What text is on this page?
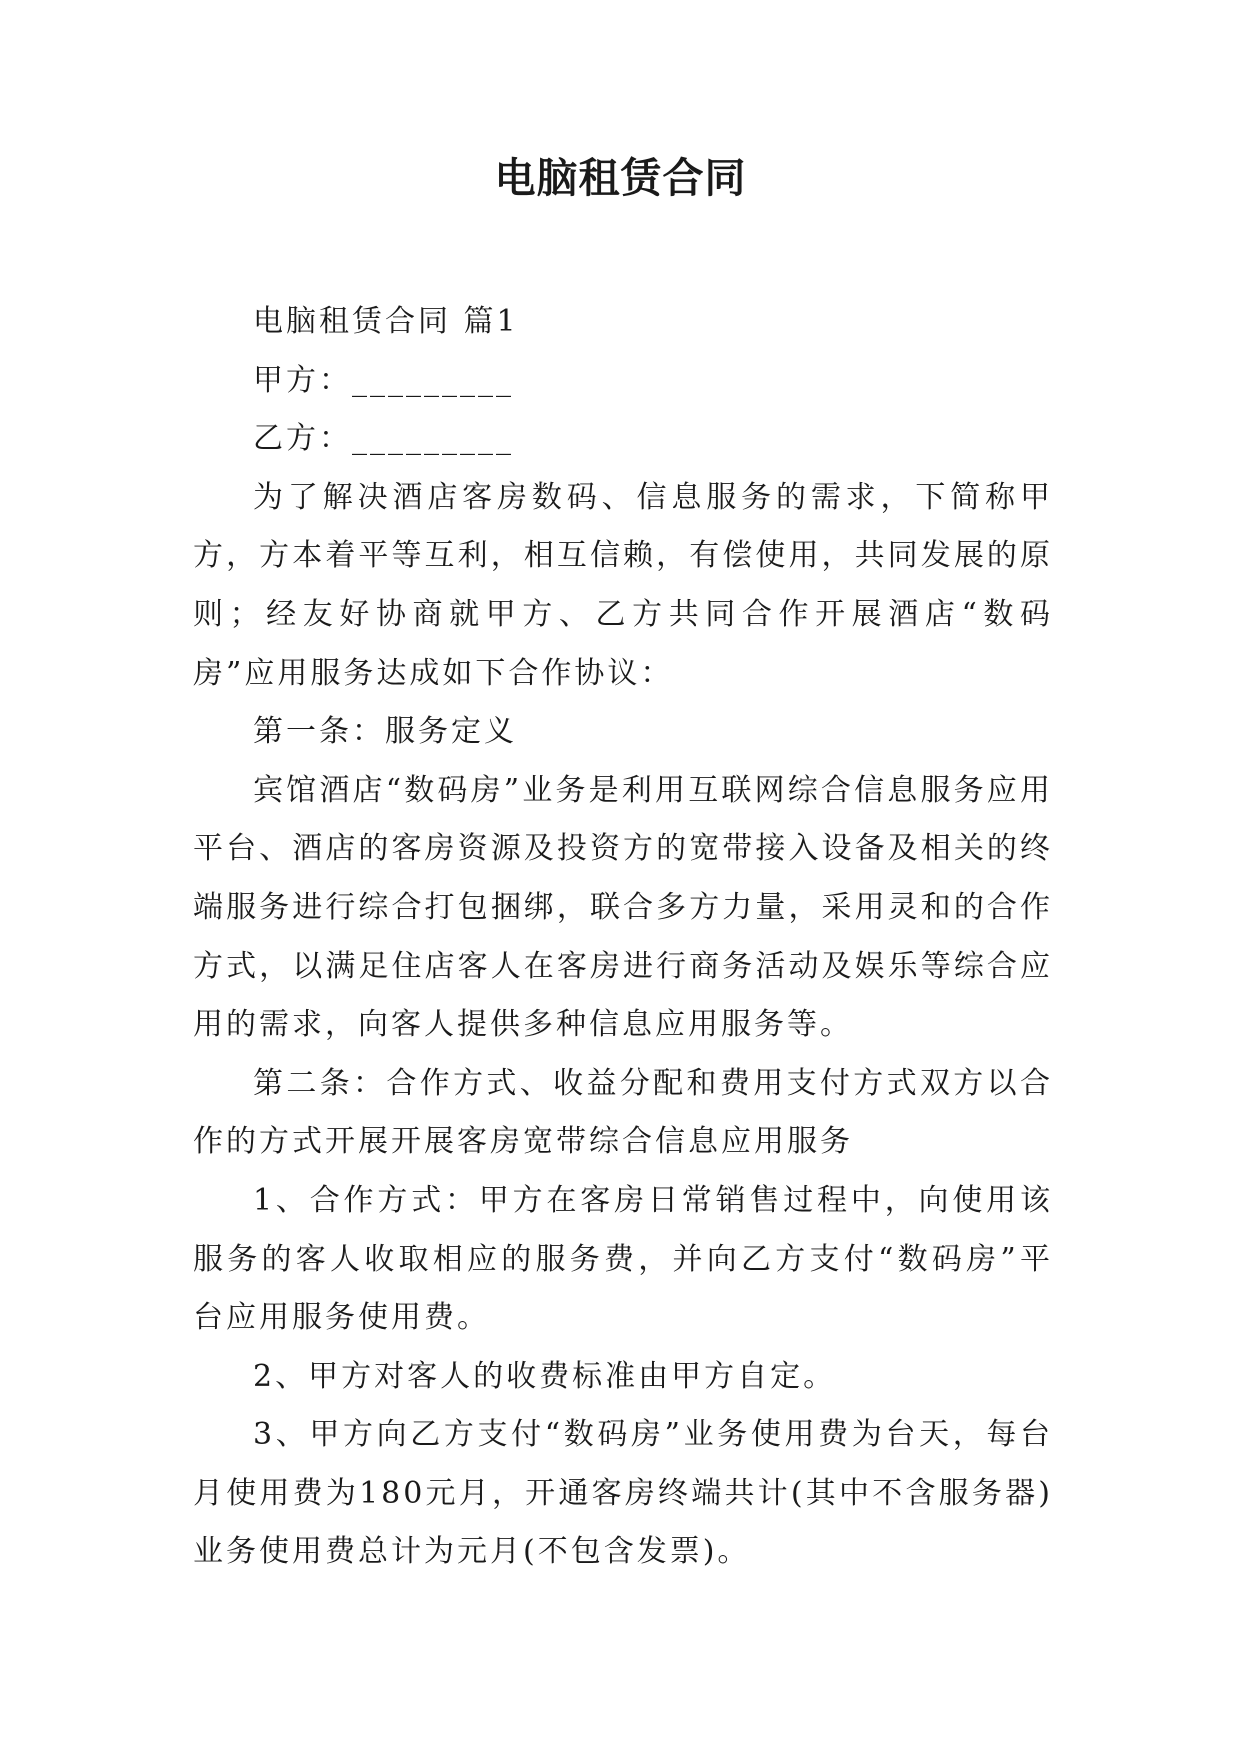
电脑租赁合同

电脑租赁合同 篇1

甲方：_________

乙方：_________

为了解决酒店客房数码、信息服务的需求，下简称甲方，方本着平等互利，相互信赖，有偿使用，共同发展的原则；经友好协商就甲方、乙方共同合作开展酒店“数码房”应用服务达成如下合作协议：

第一条：服务定义

宾馆酒店“数码房”业务是利用互联网综合信息服务应用平台、酒店的客房资源及投资方的宽带接入设备及相关的终端服务进行综合打包捆绑，联合多方力量，采用灵和的合作方式，以满足住店客人在客房进行商务活动及娱乐等综合应用的需求，向客人提供多种信息应用服务等。

第二条：合作方式、收益分配和费用支付方式双方以合作的方式开展开展客房宽带综合信息应用服务

1、合作方式：甲方在客房日常销售过程中，向使用该服务的客人收取相应的服务费，并向乙方支付“数码房”平台应用服务使用费。

2、甲方对客人的收费标准由甲方自定。

3、甲方向乙方支付“数码房”业务使用费为台天，每台月使用费为180元月，开通客房终端共计(其中不含服务器)业务使用费总计为元月(不包含发票)。
